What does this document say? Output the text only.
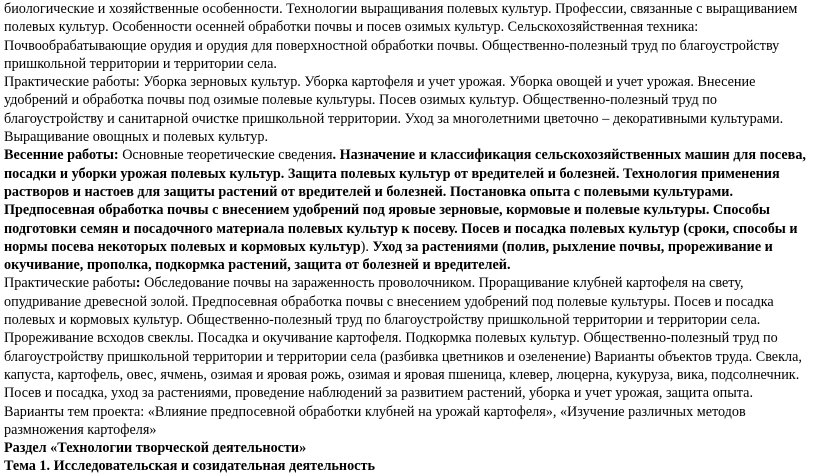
биологические и хозяйственные особенности. Технологии выращивания полевых культур. Профессии, связанные с выращиванием полевых культур. Особенности осенней обработки почвы и посев озимых культур. Сельскохозяйственная техника: Почвообрабатывающие орудия и орудия для поверхностной обработки почвы. Общественно-полезный труд по благоустройству пришкольной территории и территории села.

Практические работы: Уборка зерновых культур. Уборка картофеля и учет урожая. Уборка овощей и учет урожая. Внесение удобрений и обработка почвы под озимые полевые культуры. Посев озимых культур. Общественно-полезный труд по благоустройству и санитарной очистке пришкольной территории. Уход за многолетними цветочно – декоративными культурами. Выращивание овощных и полевых культур.

Весенние работы: Основные теоретические сведения. Назначение и классификация сельскохозяйственных машин для посева, посадки и уборки урожая полевых культур. Защита полевых культур от вредителей и болезней. Технология применения растворов и настоев для защиты растений от вредителей и болезней. Постановка опыта с полевыми культурами. Предпосевная обработка почвы с внесением удобрений под яровые зерновые, кормовые и полевые культуры. Способы подготовки семян и посадочного материала полевых культур к посеву. Посев и посадка полевых культур (сроки, способы и нормы посева некоторых полевых и кормовых культур). Уход за растениями (полив, рыхление почвы, прореживание и окучивание, прополка, подкормка растений, защита от болезней и вредителей.

Практические работы: Обследование почвы на зараженность проволочником. Проращивание клубней картофеля на свету, опудривание древесной золой. Предпосевная обработка почвы с внесением удобрений под полевые культуры. Посев и посадка полевых и кормовых культур. Общественно-полезный труд по благоустройству пришкольной территории и территории села. Прореживание всходов свеклы. Посадка и окучивание картофеля. Подкормка полевых культур. Общественно-полезный труд по благоустройству пришкольной территории и территории села (разбивка цветников и озеленение) Варианты объектов труда. Свекла, капуста, картофель, овес, ячмень, озимая и яровая рожь, озимая и яровая пшеница, клевер, люцерна, кукуруза, вика, подсолнечник. Посев и посадка, уход за растениями, проведение наблюдений за развитием растений, уборка и учет урожая, защита опыта.

Варианты тем проекта: «Влияние предпосевной обработки клубней на урожай картофеля», «Изучение различных методов размножения картофеля»

Раздел «Технологии творческой деятельности»

Тема 1. Исследовательская и созидательная деятельность
